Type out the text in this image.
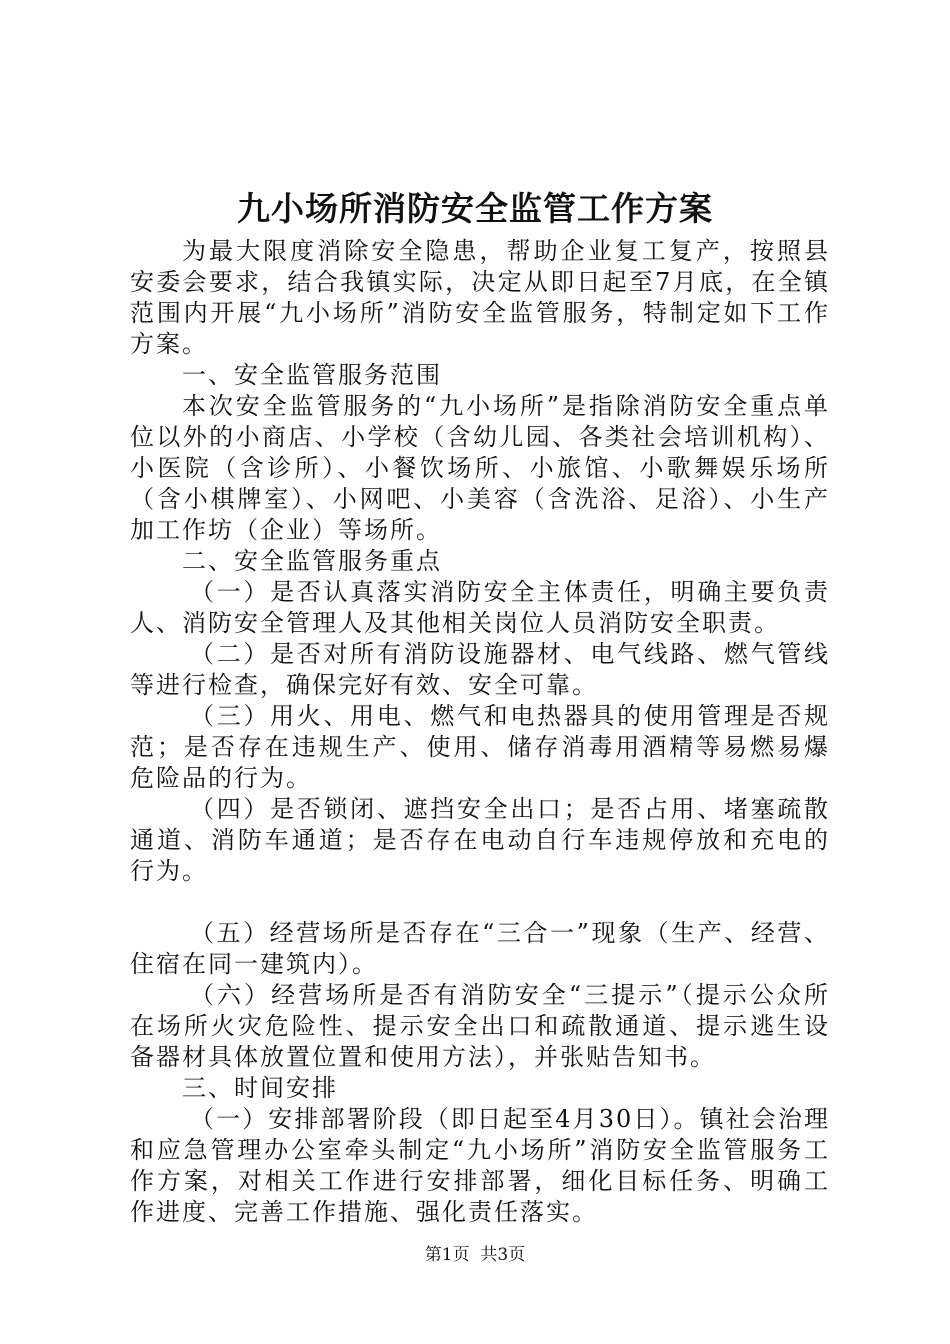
九小场所消防安全监管工作方案

为最大限度消除安全隐患，帮助企业复工复产，按照县安委会要求，结合我镇实际，决定从即日起至7月底，在全镇范围内开展“九小场所”消防安全监管服务，特制定如下工作方案。

一、安全监管服务范围

本次安全监管服务的“九小场所”是指除消防安全重点单位以外的小商店、小学校（含幼儿园、各类社会培训机构）、小医院（含诊所）、小餐饮场所、小旅馆、小歌舞娱乐场所（含小棋牌室）、小网吧、小美容（含洗浴、足浴）、小生产加工作坊（企业）等场所。

二、安全监管服务重点

（一）是否认真落实消防安全主体责任，明确主要负责人、消防安全管理人及其他相关岗位人员消防安全职责。

（二）是否对所有消防设施器材、电气线路、燃气管线等进行检查，确保完好有效、安全可靠。

（三）用火、用电、燃气和电热器具的使用管理是否规范；是否存在违规生产、使用、储存消毒用酒精等易燃易爆危险品的行为。

（四）是否锁闭、遮挡安全出口；是否占用、堵塞疏散通道、消防车通道；是否存在电动自行车违规停放和充电的行为。

（五）经营场所是否存在“三合一”现象（生产、经营、住宿在同一建筑内）。

（六）经营场所是否有消防安全“三提示”（提示公众所在场所火灾危险性、提示安全出口和疏散通道、提示逃生设备器材具体放置位置和使用方法），并张贴告知书。

三、时间安排

（一）安排部署阶段（即日起至4月30日）。镇社会治理和应急管理办公室牵头制定“九小场所”消防安全监管服务工作方案，对相关工作进行安排部署，细化目标任务、明确工作进度、完善工作措施、强化责任落实。

第1页  共3页
